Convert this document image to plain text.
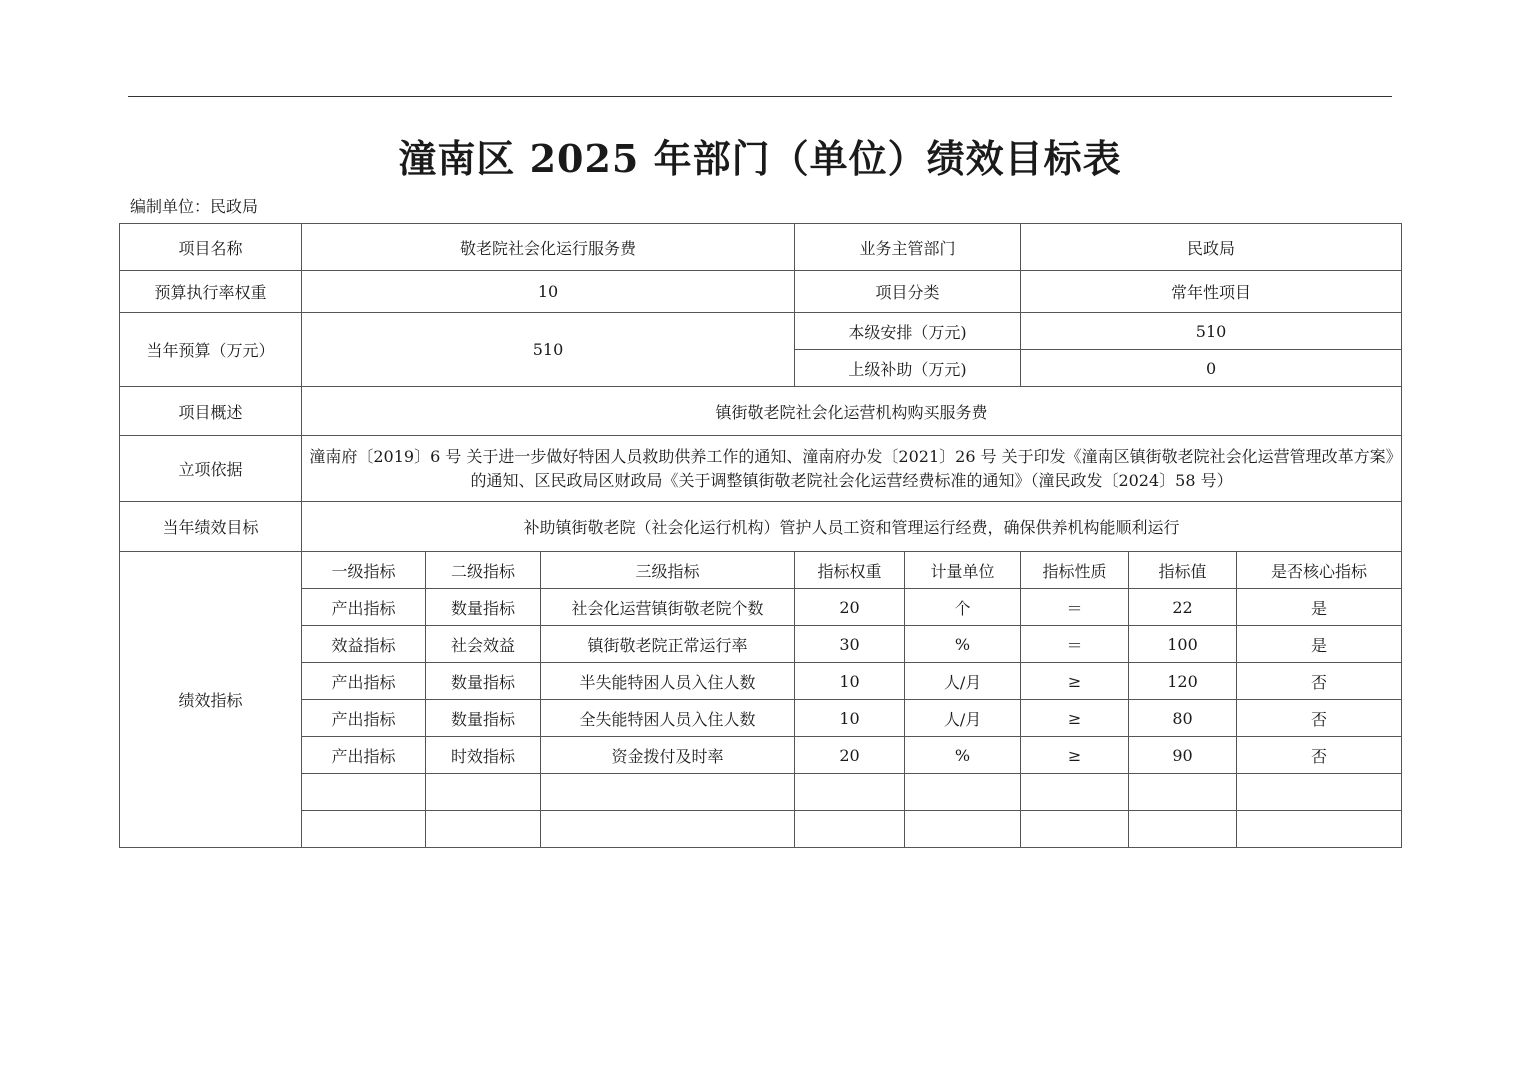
潼南区 2025 年部门（单位）绩效目标表
编制单位：民政局
项目名称	敬老院社会化运行服务费			业务主管部门		民政局		
预算执行率权重	10			项目分类		常年性项目		
当年预算（万元）	510			本级安排（万元)		510		
				上级补助（万元)		0		
项目概述	镇街敬老院社会化运营机构购买服务费							
立项依据	潼南府〔2019〕6 号 关于进一步做好特困人员救助供养工作的通知、潼南府办发〔2021〕26 号 关于印发《潼南区镇街敬老院社会化运营管理改革方案》的通知、区民政局区财政局《关于调整镇街敬老院社会化运营经费标准的通知》（潼民政发〔2024〕58 号）							
当年绩效目标	补助镇街敬老院（社会化运行机构）管护人员工资和管理运行经费，确保供养机构能顺利运行							
绩效指标	一级指标	二级指标	三级指标	指标权重	计量单位	指标性质	指标值	是否核心指标
	产出指标	数量指标	社会化运营镇街敬老院个数	20	个	＝	22	是
	效益指标	社会效益	镇街敬老院正常运行率	30	%	＝	100	是
	产出指标	数量指标	半失能特困人员入住人数	10	人/月	≥	120	否
	产出指标	数量指标	全失能特困人员入住人数	10	人/月	≥	80	否
	产出指标	时效指标	资金拨付及时率	20	%	≥	90	否
